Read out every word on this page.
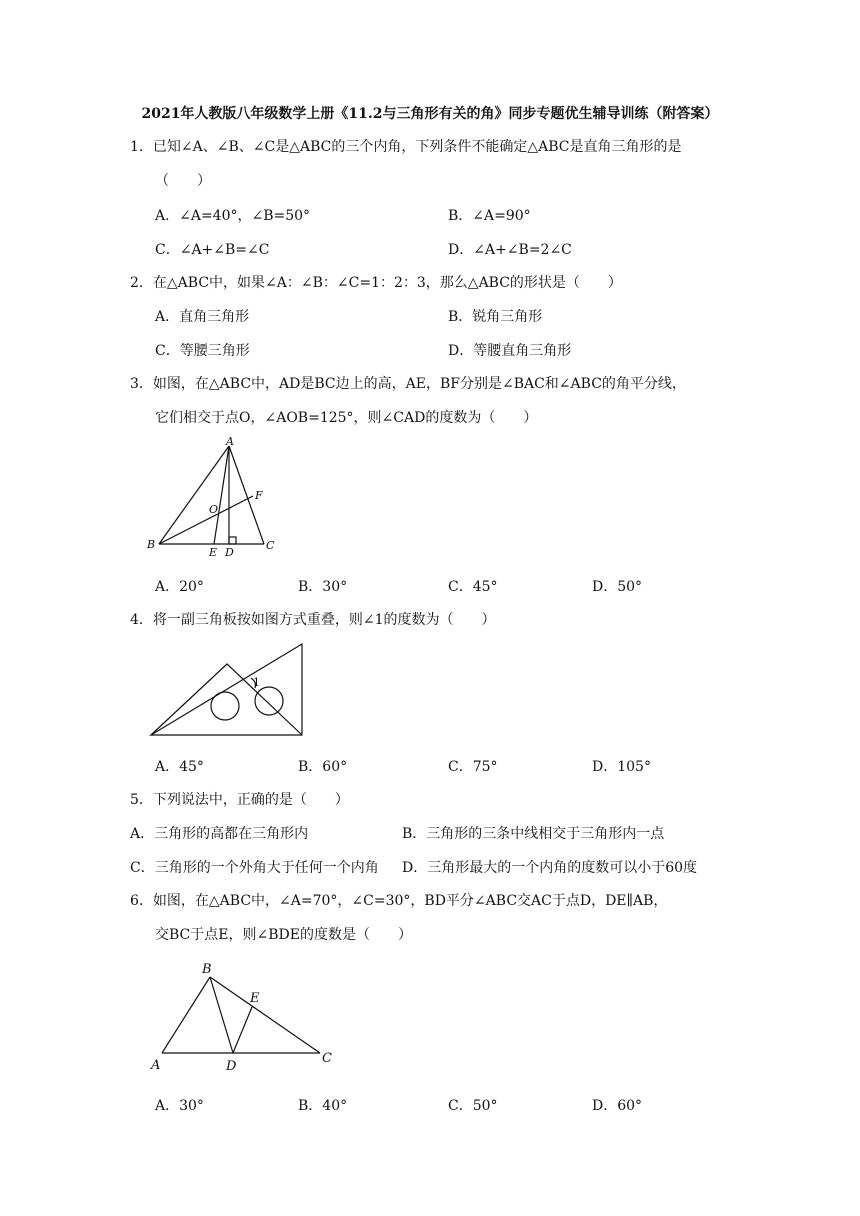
2021年人教版八年级数学上册《11.2与三角形有关的角》同步专题优生辅导训练（附答案）
1．已知∠A、∠B、∠C是△ABC的三个内角，下列条件不能确定△ABC是直角三角形的是
（　　）
A．∠A=40°，∠B=50°	B．∠A=90°
C．∠A+∠B=∠C	D．∠A+∠B=2∠C
2．在△ABC中，如果∠A：∠B：∠C=1：2：3，那么△ABC的形状是（　　）
A．直角三角形	B．锐角三角形
C．等腰三角形	D．等腰直角三角形
3．如图，在△ABC中，AD是BC边上的高，AE，BF分别是∠BAC和∠ABC的角平分线，
它们相交于点O，∠AOB=125°，则∠CAD的度数为（　　）
A
B	C
D
E
F
O
A．20°	B．30°	C．45°	D．50°
4．将一副三角板按如图方式重叠，则∠1的度数为（　　）
1
A．45°	B．60°	C．75°	D．105°
5．下列说法中，正确的是（　　）
A．三角形的高都在三角形内	B．三角形的三条中线相交于三角形内一点
C．三角形的一个外角大于任何一个内角 D．三角形最大的一个内角的度数可以小于60度
6．如图，在△ABC中，∠A=70°，∠C=30°，BD平分∠ABC交AC于点D，DE∥AB，
交BC于点E，则∠BDE的度数是（　　）
B
A	C
D
E
A．30°	B．40°	C．50°	D．60°
